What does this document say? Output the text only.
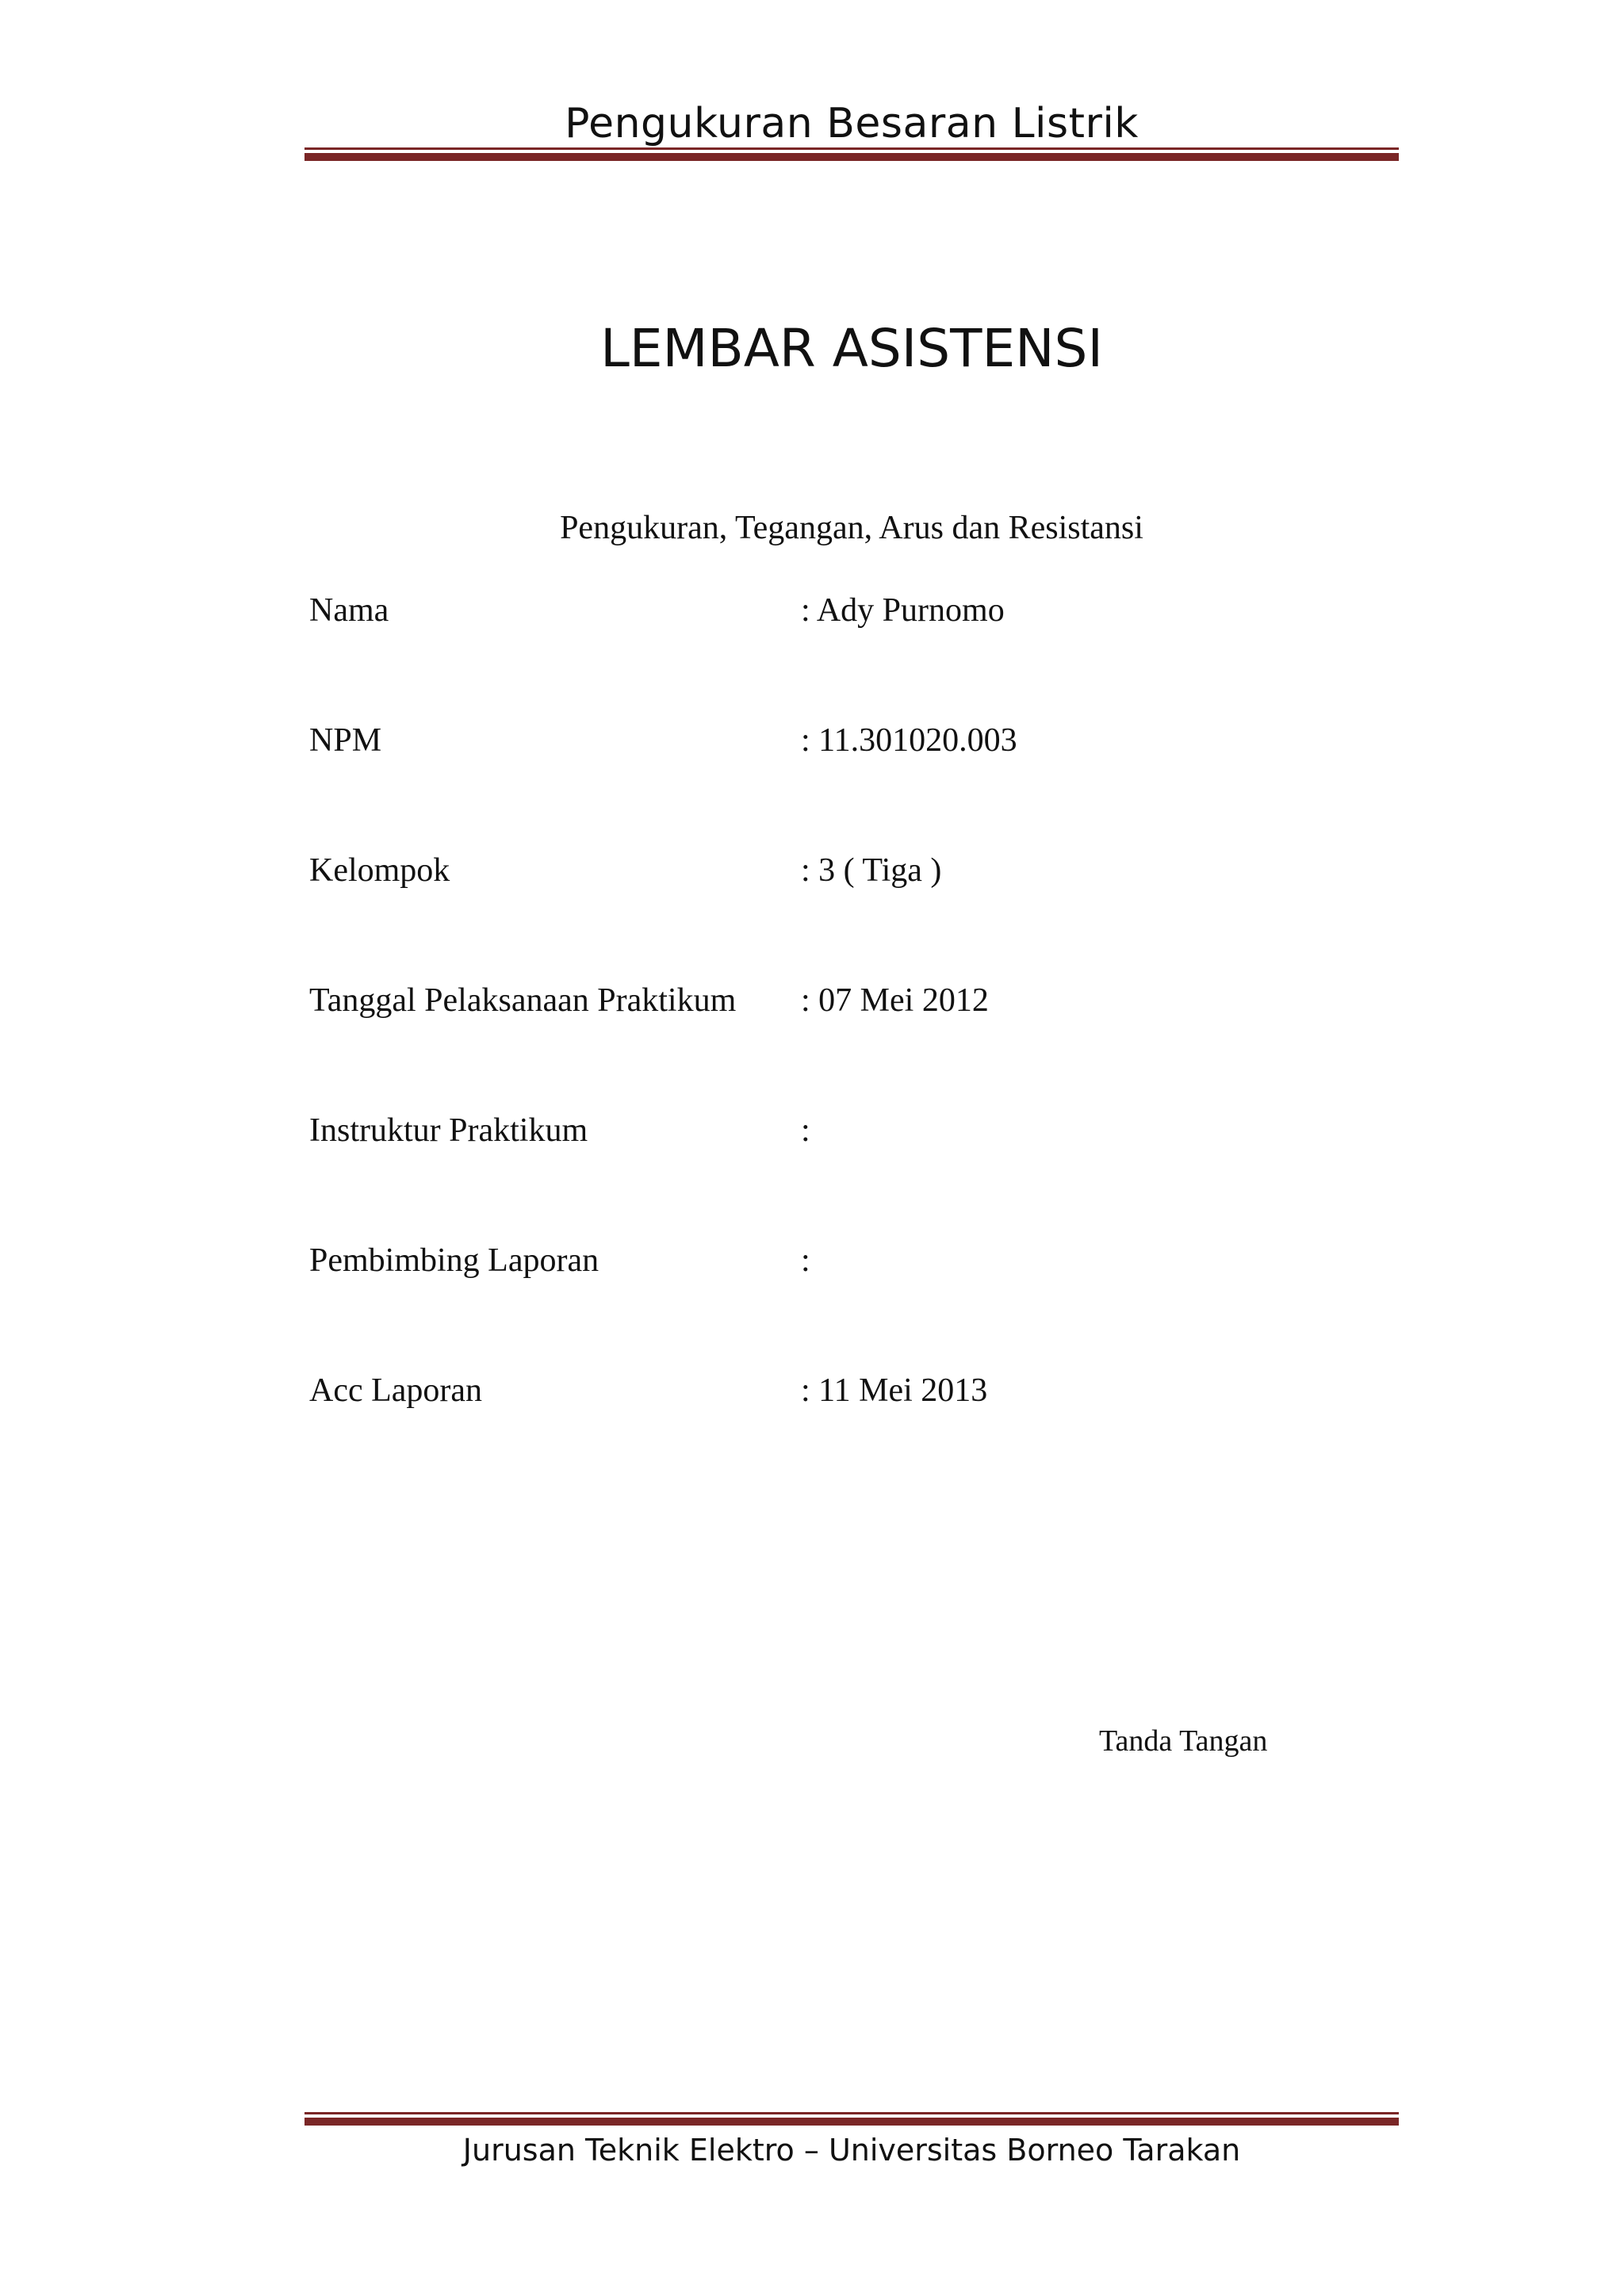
Pengukuran Besaran Listrik
LEMBAR ASISTENSI
Pengukuran, Tegangan, Arus dan Resistansi
Nama	: Ady Purnomo
NPM	: 11.301020.003
Kelompok	: 3 ( Tiga )
Tanggal Pelaksanaan Praktikum : 07 Mei 2012
Instruktur Praktikum	:
Pembimbing Laporan	:
Acc Laporan	: 11 Mei 2013
Tanda Tangan
Jurusan Teknik Elektro – Universitas Borneo Tarakan
